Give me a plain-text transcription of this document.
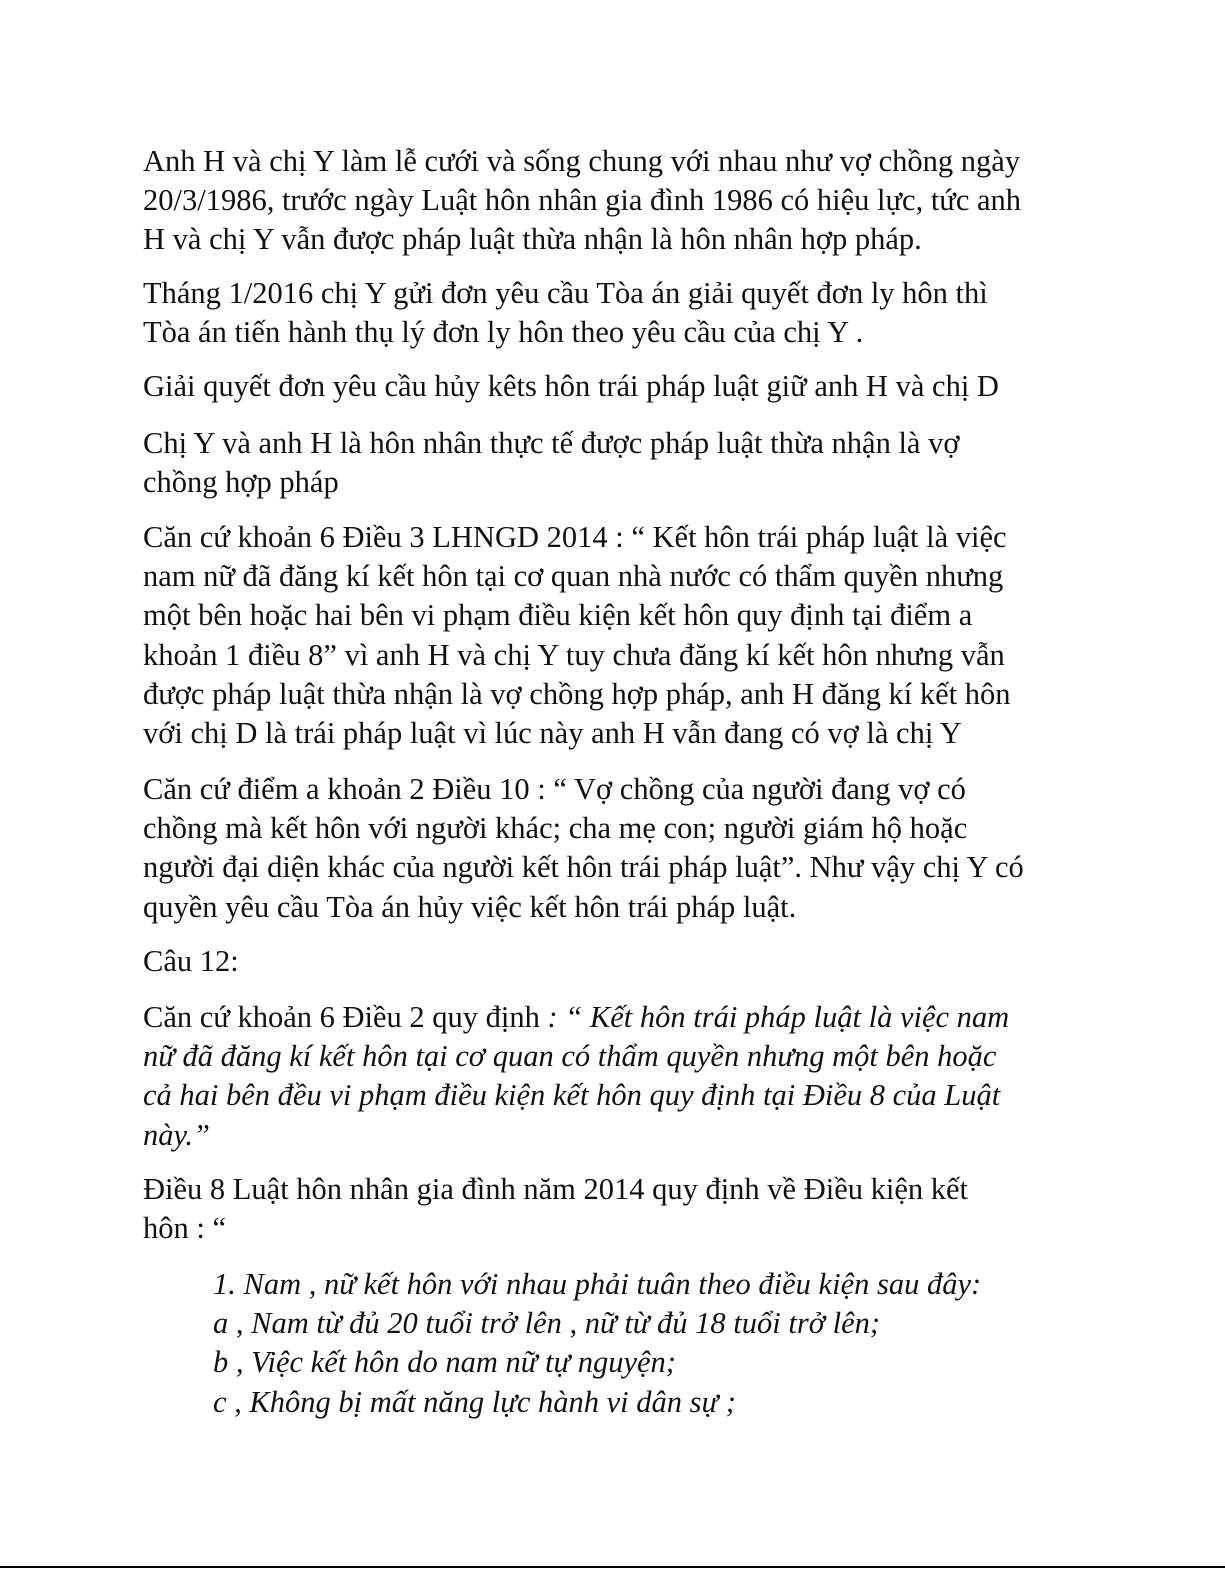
Anh H và chị Y làm lễ cưới và sống chung với nhau như vợ chồng ngày
20/3/1986, trước ngày Luật hôn nhân gia đình 1986 có hiệu lực, tức anh
H và chị Y vẫn được pháp luật thừa nhận là hôn nhân hợp pháp.

Tháng 1/2016 chị Y gửi đơn yêu cầu Tòa án giải quyết đơn ly hôn thì
Tòa án tiến hành thụ lý đơn ly hôn theo yêu cầu của chị Y .

Giải quyết đơn yêu cầu hủy kêts hôn trái pháp luật giữ anh H và chị D

Chị Y và anh H là hôn nhân thực tế được pháp luật thừa nhận là vợ
chồng hợp pháp

Căn cứ khoản 6 Điều 3 LHNGD 2014 : “ Kết hôn trái pháp luật là việc
nam nữ đã đăng kí kết hôn tại cơ quan nhà nước có thẩm quyền nhưng
một bên hoặc hai bên vi phạm điều kiện kết hôn quy định tại điểm a
khoản 1 điều 8” vì anh H và chị Y tuy chưa đăng kí kết hôn nhưng vẫn
được pháp luật thừa nhận là vợ chồng hợp pháp, anh H đăng kí kết hôn
với chị D là trái pháp luật vì lúc này anh H vẫn đang có vợ là chị Y

Căn cứ điểm a khoản 2 Điều 10 : “ Vợ chồng của người đang vợ có
chồng mà kết hôn với người khác; cha mẹ con; người giám hộ hoặc
người đại diện khác của người kết hôn trái pháp luật”. Như vậy chị Y có
quyền yêu cầu Tòa án hủy việc kết hôn trái pháp luật.

Câu 12:

Căn cứ khoản 6 Điều 2 quy định : “ Kết hôn trái pháp luật là việc nam
nữ đã đăng kí kết hôn tại cơ quan có thẩm quyền nhưng một bên hoặc
cả hai bên đều vi phạm điều kiện kết hôn quy định tại Điều 8 của Luật
này.”

Điều 8 Luật hôn nhân gia đình năm 2014 quy định về Điều kiện kết
hôn : “

1. Nam , nữ kết hôn với nhau phải tuân theo điều kiện sau đây:
a , Nam từ đủ 20 tuổi trở lên , nữ từ đủ 18 tuổi trở lên;
b , Việc kết hôn do nam nữ tự nguyện;
c , Không bị mất năng lực hành vi dân sự ;
